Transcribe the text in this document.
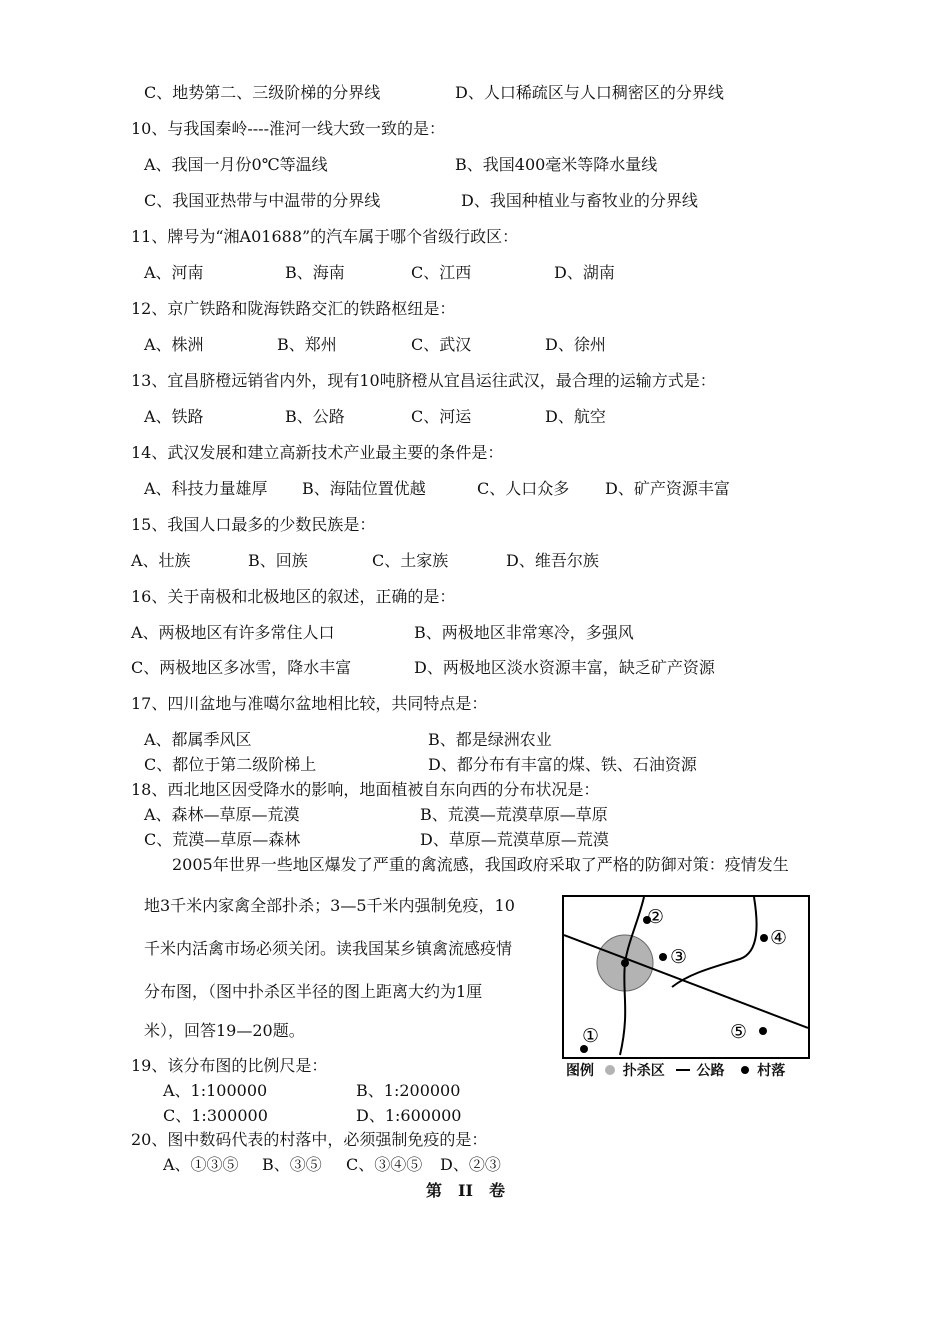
C、地势第二、三级阶梯的分界线	D、人口稀疏区与人口稠密区的分界线
10、与我国秦岭----淮河一线大致一致的是：
A、我国一月份0℃等温线	B、我国400毫米等降水量线
C、我国亚热带与中温带的分界线	D、我国种植业与畜牧业的分界线
11、牌号为“湘A01688”的汽车属于哪个省级行政区：
A、河南	B、海南	C、江西	D、湖南
12、京广铁路和陇海铁路交汇的铁路枢纽是：
A、株洲	B、郑州	C、武汉	D、徐州
13、宜昌脐橙远销省内外，现有10吨脐橙从宜昌运往武汉，最合理的运输方式是：
A、铁路	B、公路	C、河运	D、航空
14、武汉发展和建立高新技术产业最主要的条件是：
A、科技力量雄厚 B、海陆位置优越	C、人口众多 D、矿产资源丰富
15、我国人口最多的少数民族是：
A、壮族	B、回族	C、土家族	D、维吾尔族
16、关于南极和北极地区的叙述，正确的是：
A、两极地区有许多常住人口	B、两极地区非常寒冷，多强风
C、两极地区多冰雪，降水丰富	D、两极地区淡水资源丰富，缺乏矿产资源
17、四川盆地与准噶尔盆地相比较，共同特点是：
A、都属季风区	B、都是绿洲农业
C、都位于第二级阶梯上	D、都分布有丰富的煤、铁、石油资源
18、西北地区因受降水的影响，地面植被自东向西的分布状况是：
A、森林—草原—荒漠	B、荒漠—荒漠草原—草原
C、荒漠—草原—森林	D、草原—荒漠草原—荒漠
2005年世界一些地区爆发了严重的禽流感，我国政府采取了严格的防御对策：疫情发生
地3千米内家禽全部扑杀；3—5千米内强制免疫，10
千米内活禽市场必须关闭。读我国某乡镇禽流感疫情
分布图，（图中扑杀区半径的图上距离大约为1厘
米），回答19—20题。	①
②
③
④
⑤
图例 扑杀区 公路 村落
19、该分布图的比例尺是：
A、1:100000	B、1:200000
C、1:300000	D、1:600000
20、图中数码代表的村落中，必须强制免疫的是：
A、①③⑤ B、③⑤ C、③④⑤ D、②③
第　II　卷
